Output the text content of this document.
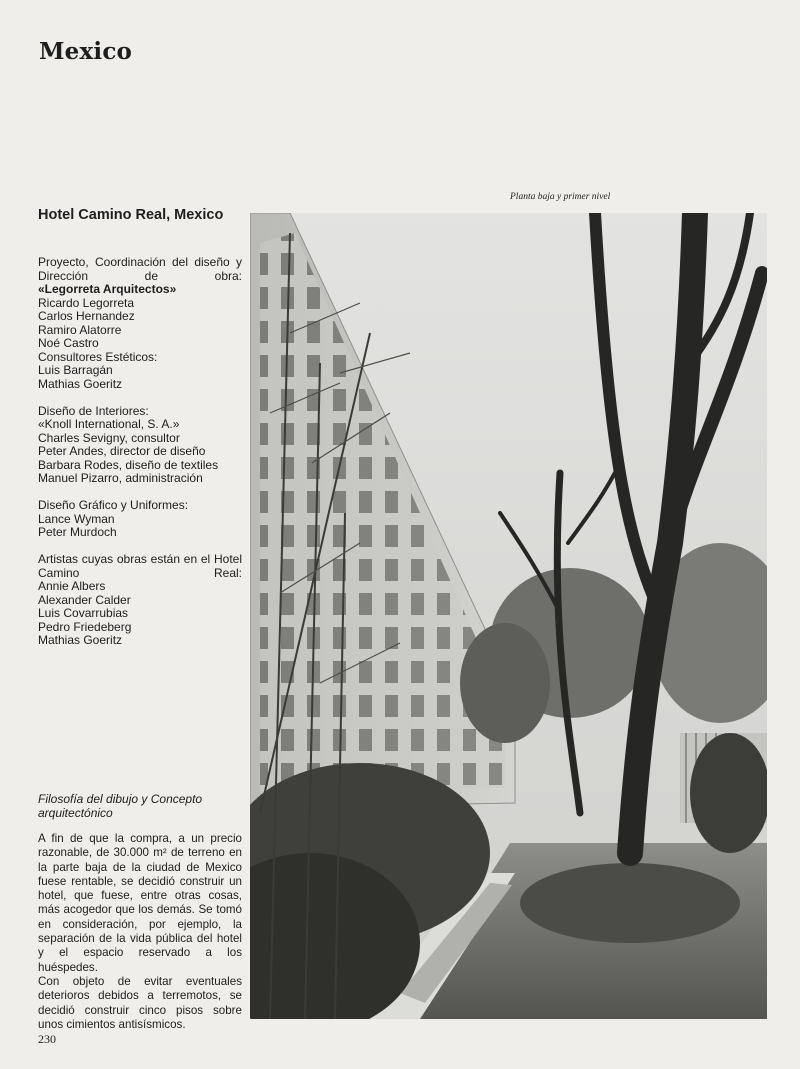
Mexico
Planta baja y primer nivel
Hotel Camino Real, Mexico
Proyecto, Coordinación del diseño y Dirección de obra:
«Legorreta Arquitectos»
Ricardo Legorreta
Carlos Hernandez
Ramiro Alatorre
Noé Castro
Consultores Estéticos:
Luis Barragán
Mathias Goeritz
Diseño de Interiores:
«Knoll International, S. A.»
Charles Sevigny, consultor
Peter Andes, director de diseño
Barbara Rodes, diseño de textiles
Manuel Pizarro, administración
Diseño Gráfico y Uniformes:
Lance Wyman
Peter Murdoch
Artistas cuyas obras están en el Hotel Camino Real:
Annie Albers
Alexander Calder
Luis Covarrubias
Pedro Friedeberg
Mathias Goeritz
Filosofía del dibujo y Concepto arquitectónico

A fin de que la compra, a un precio razonable, de 30.000 m² de terreno en la parte baja de la ciudad de Mexico fuese rentable, se decidió construir un hotel, que fuese, entre otras cosas, más acogedor que los demás. Se tomó en consideración, por ejemplo, la separación de la vida pública del hotel y el espacio reservado a los huéspedes.

Con objeto de evitar eventuales deterioros debidos a terremotos, se decidió construir cinco pisos sobre unos cimientos antisísmicos.

230
